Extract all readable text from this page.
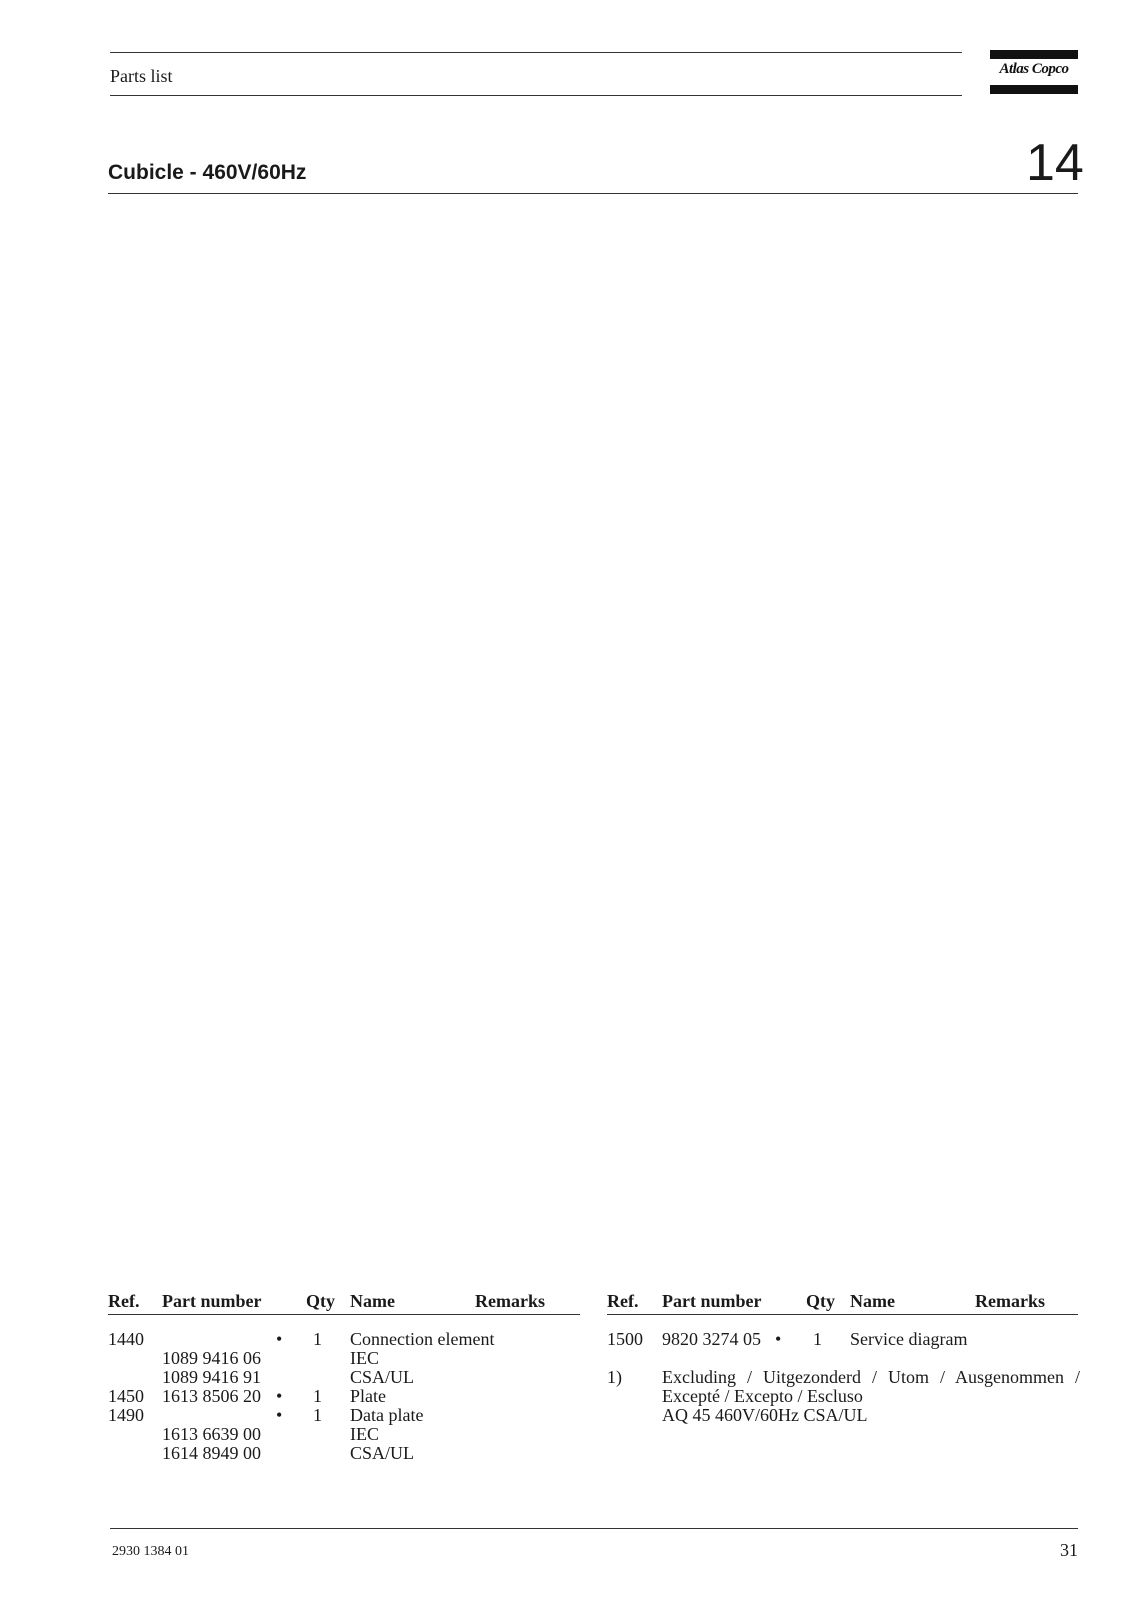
Parts list	Atlas Copco
Cubicle - 460V/60Hz	14
Ref. Part number Qty Name	Remarks
1440	• 1 Connection element
1089 9416 06	IEC
1089 9416 91	CSA/UL
1450 1613 8506 20 • 1 Plate
1490	• 1 Data plate
1613 6639 00	IEC
1614 8949 00	CSA/UL
Ref. Part number Qty Name	Remarks
1500 9820 3274 05 • 1 Service diagram
1) Excluding / Uitgezonderd / Utom / Ausgenommen /
Excepté / Excepto / Escluso
AQ 45 460V/60Hz CSA/UL
2930 1384 01	31
